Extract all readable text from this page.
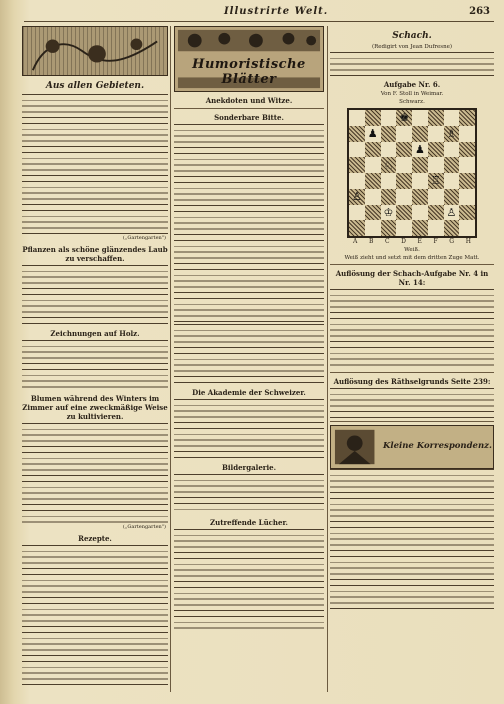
Illustrirte Welt.	263
Aus allen Gebieten.
(„Gartengarten")
Pflanzen als schöne glänzendes Laub zu verschaffen.
Zeichnungen auf Holz.
Blumen während des Winters im Zimmer auf eine zweckmäßige Weise zu kultivieren.
(„Gartengarten")
Rezepte.
Humoristische Blätter
Anekdoten und Witze.
Sonderbare Bitte.
Die Akademie der Schweizer.
Bildergalerie.
Zutreffende Lücher.
Schach.
(Redigirt von Jean Dufresne)
Aufgabe Nr. 6.
Von F. Stoll in Weimar.
Schwarz.
♚
♟	♗
♟
♘
♖
♙
♔	♙
A B C D E F G H
Weiß.
Weiß zieht und setzt mit dem dritten Zuge Matt.
Auflösung der Schach-Aufgabe Nr. 4 in Nr. 14:
Auflösung des Räthselgrunds Seite 239:
Kleine Korrespondenz.
